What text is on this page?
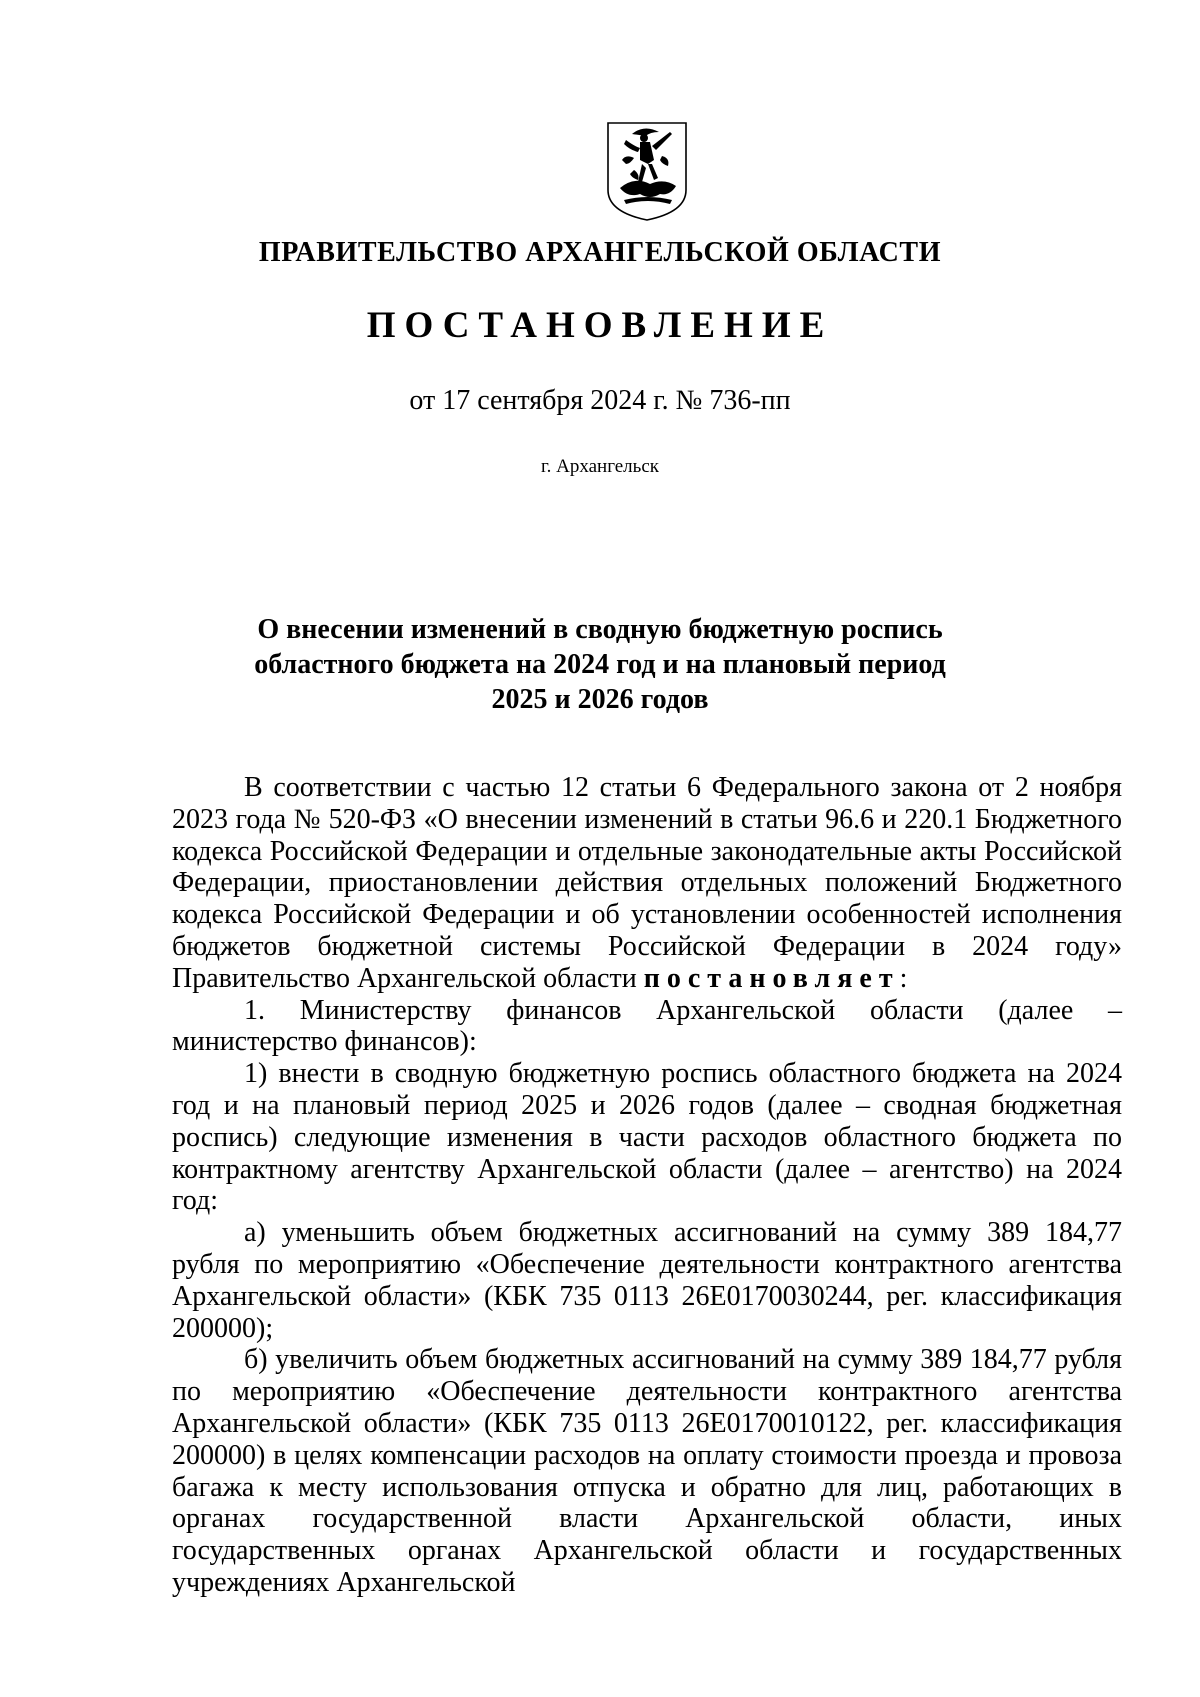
ПРАВИТЕЛЬСТВО АРХАНГЕЛЬСКОЙ ОБЛАСТИ
ПОСТАНОВЛЕНИЕ
от 17 сентября 2024 г. № 736-пп
г. Архангельск
О внесении изменений в сводную бюджетную роспись
областного бюджета на 2024 год и на плановый период
2025 и 2026 годов

В соответствии с частью 12 статьи 6 Федерального закона от 2 ноября 2023 года № 520-ФЗ «О внесении изменений в статьи 96.6 и 220.1 Бюджетного кодекса Российской Федерации и отдельные законодательные акты Российской Федерации, приостановлении действия отдельных положений Бюджетного кодекса Российской Федерации и об установлении особенностей исполнения бюджетов бюджетной системы Российской Федерации в 2024 году» Правительство Архангельской области постановляет:

1. Министерству финансов Архангельской области (далее – министерство финансов):

1) внести в сводную бюджетную роспись областного бюджета на 2024 год и на плановый период 2025 и 2026 годов (далее – сводная бюджетная роспись) следующие изменения в части расходов областного бюджета по контрактному агентству Архангельской области (далее – агентство) на 2024 год:

а) уменьшить объем бюджетных ассигнований на сумму 389 184,77 рубля по мероприятию «Обеспечение деятельности контрактного агентства Архангельской области» (КБК 735 0113 26Е0170030244, рег. классификация 200000);

б) увеличить объем бюджетных ассигнований на сумму 389 184,77 рубля по мероприятию «Обеспечение деятельности контрактного агентства Архангельской области» (КБК 735 0113 26Е0170010122, рег. классификация 200000) в целях компенсации расходов на оплату стоимости проезда и провоза багажа к месту использования отпуска и обратно для лиц, работающих в органах государственной власти Архангельской области, иных государственных органах Архангельской области и государственных учреждениях Архангельской
